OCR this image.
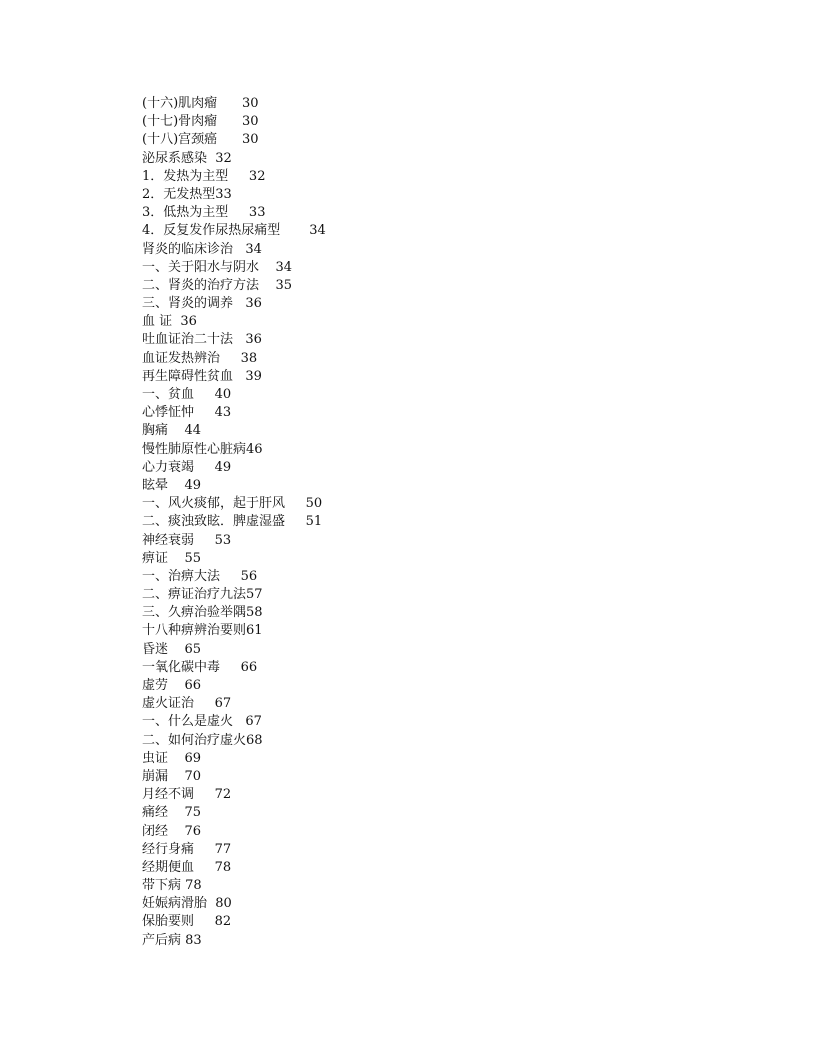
(十六)肌肉瘤      30
(十七)骨肉瘤      30
(十八)宫颈癌      30
泌尿系感染  32
1．发热为主型     32
2．无发热型33
3．低热为主型     33
4．反复发作尿热尿痛型       34
肾炎的临床诊治   34
一、关于阳水与阴水    34
二、肾炎的治疗方法    35
三、肾炎的调养   36
血 证  36
吐血证治二十法   36
血证发热辨治     38
再生障碍性贫血   39
一、贫血     40
心悸怔忡     43
胸痛    44
慢性肺原性心脏病46
心力衰竭     49
眩晕    49
一、风火痰郁，起于肝风     50
二、痰浊致眩．脾虚湿盛     51
神经衰弱     53
痹证    55
一、治痹大法     56
二、痹证治疗九法57
三、久痹治验举隅58
十八种痹辨治要则61
昏迷    65
一氧化碳中毒     66
虚劳    66
虚火证治     67
一、什么是虚火   67
二、如何治疗虚火68
虫证    69
崩漏    70
月经不调     72
痛经    75
闭经    76
经行身痛     77
经期便血     78
带下病 78
妊娠病滑胎  80
保胎要则     82
产后病 83
